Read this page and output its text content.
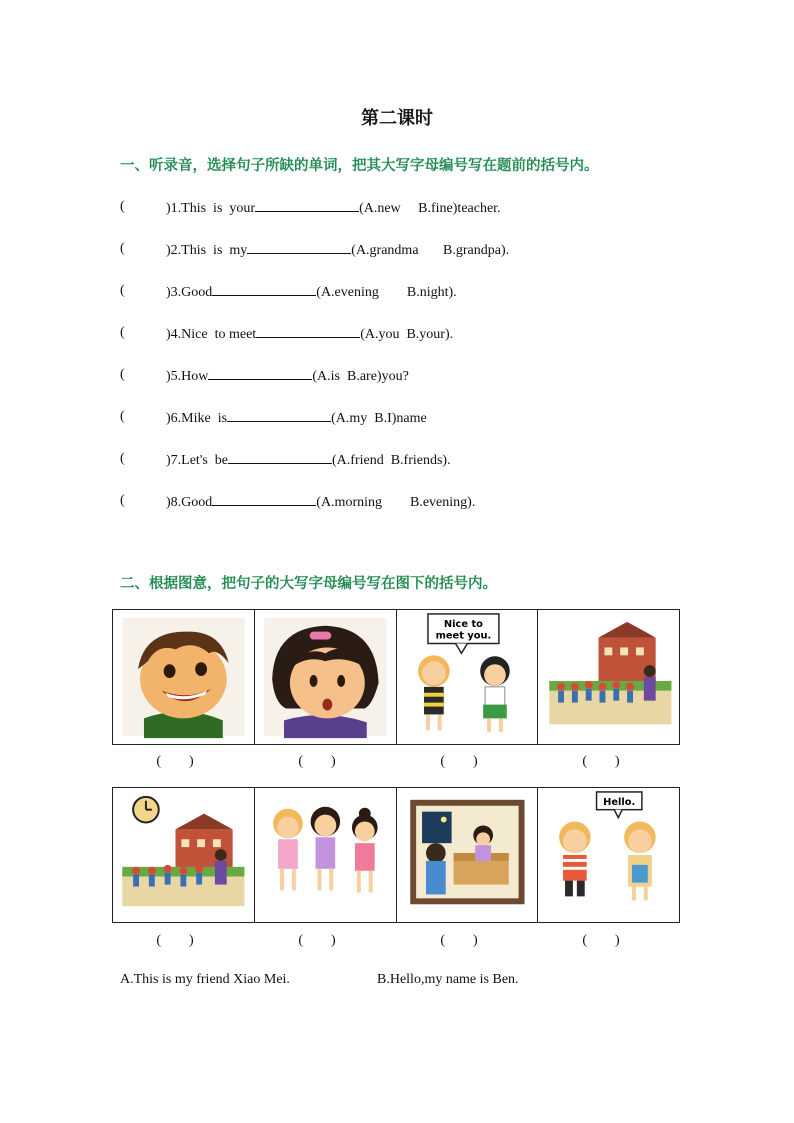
第二课时
一、听录音，选择句子所缺的单词，把其大写字母编号写在题前的括号内。
(	)1.This  is  your	(A.new     B.fine)teacher.
(	)2.This  is  my	(A.grandma       B.grandpa).
(	)3.Good	(A.evening        B.night).
(	)4.Nice  to meet	(A.you  B.your).
(	)5.How	(A.is  B.are)you?
(	)6.Mike  is	(A.my  B.I)name
(	)7.Let's  be	(A.friend  B.friends).
(	)8.Good	(A.morning        B.evening).
二、根据图意，把句子的大写字母编号写在图下的括号内。
Nice to
meet you.
(        )	(        )	(        )	(        )
Hello.
(        )	(        )	(        )	(        )
A.This is my friend Xiao Mei.	B.Hello,my name is Ben.
